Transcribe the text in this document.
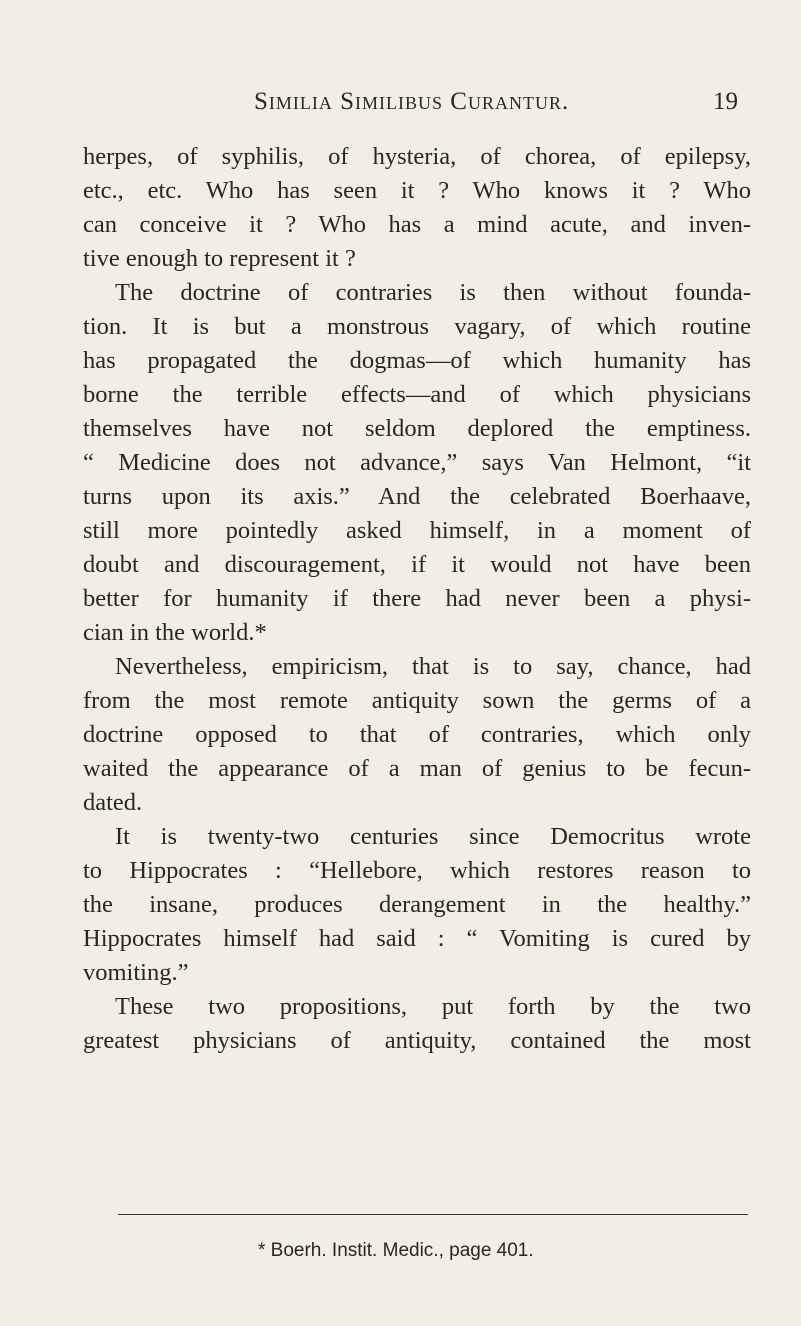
Similia Similibus Curantur.	19
herpes, of syphilis, of hysteria, of chorea, of epilepsy,
etc., etc. Who has seen it ? Who knows it ? Who
can conceive it ? Who has a mind acute, and inven-
tive enough to represent it ?
The doctrine of contraries is then without founda-
tion. It is but a monstrous vagary, of which routine
has propagated the dogmas—of which humanity has
borne the terrible effects—and of which physicians
themselves have not seldom deplored the emptiness.
“ Medicine does not advance,” says Van Helmont, “it
turns upon its axis.” And the celebrated Boerhaave,
still more pointedly asked himself, in a moment of
doubt and discouragement, if it would not have been
better for humanity if there had never been a physi-
cian in the world.*
Nevertheless, empiricism, that is to say, chance, had
from the most remote antiquity sown the germs of a
doctrine opposed to that of contraries, which only
waited the appearance of a man of genius to be fecun-
dated.
It is twenty-two centuries since Democritus wrote
to Hippocrates : “Hellebore, which restores reason to
the insane, produces derangement in the healthy.”
Hippocrates himself had said : “ Vomiting is cured by
vomiting.”
These two propositions, put forth by the two
greatest physicians of antiquity, contained the most
* Boerh. Instit. Medic., page 401.
